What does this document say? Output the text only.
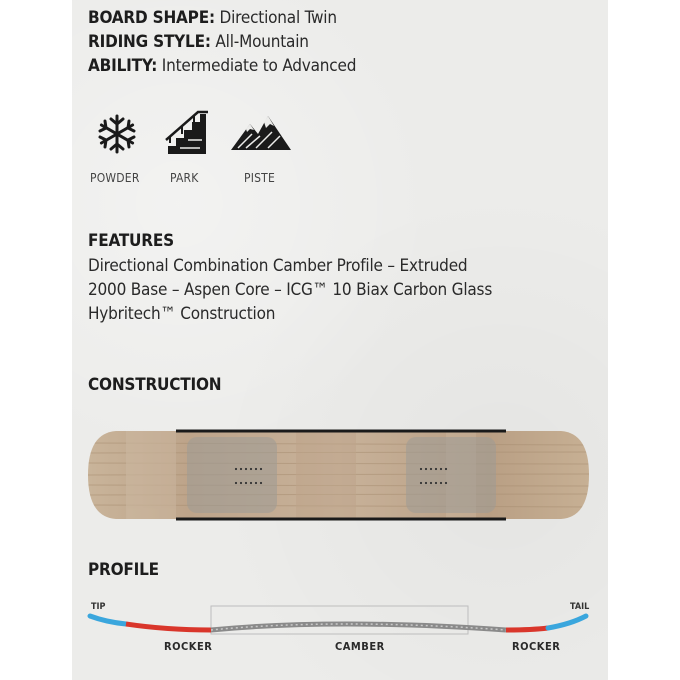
BOARD SHAPE: Directional Twin
RIDING STYLE: All-Mountain
ABILITY: Intermediate to Advanced
POWDER	PARK	PISTE
FEATURES
Directional Combination Camber Profile – Extruded
2000 Base – Aspen Core – ICG™ 10 Biax Carbon Glass
Hybritech™ Construction
CONSTRUCTION
PROFILE
TIP	TAIL
ROCKER	CAMBER	ROCKER
